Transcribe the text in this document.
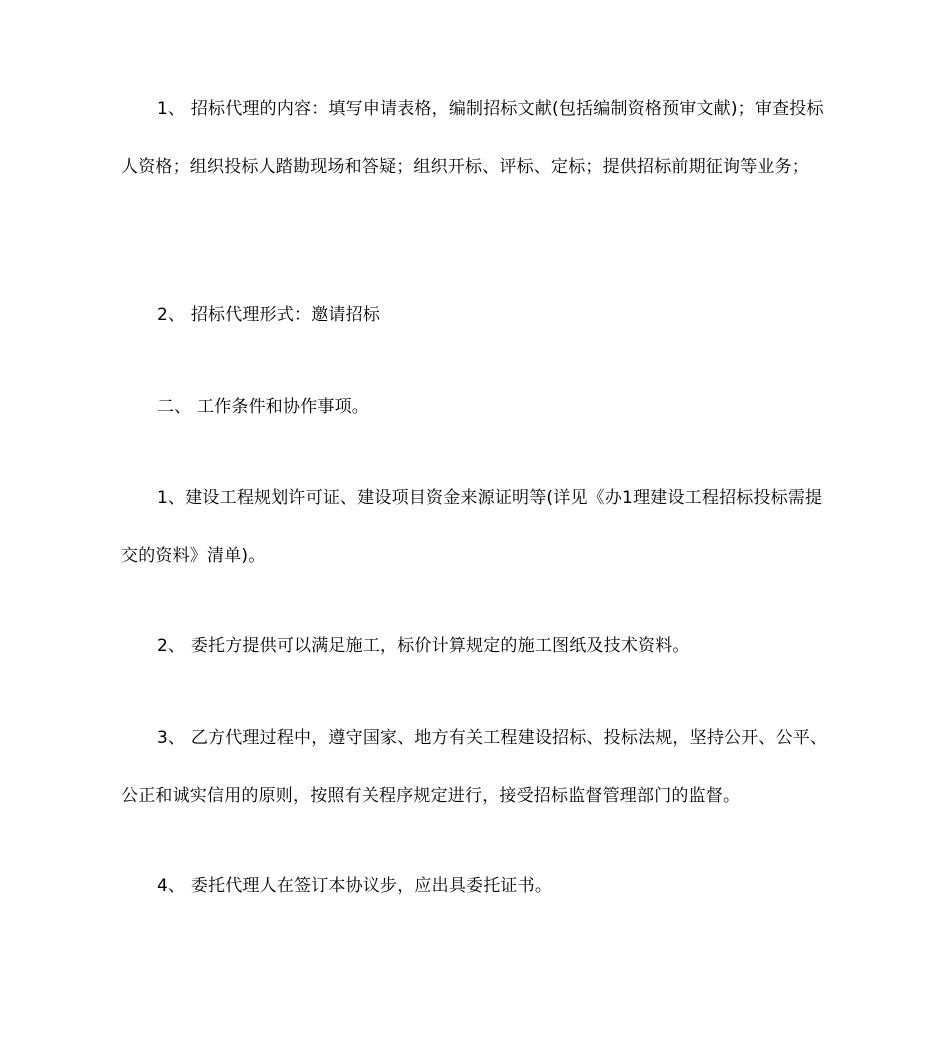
1、 招标代理的内容：填写申请表格，编制招标文献(包括编制资格预审文献)；审查投标人资格；组织投标人踏勘现场和答疑；组织开标、评标、定标；提供招标前期征询等业务；

2、 招标代理形式：邀请招标

二、 工作条件和协作事项。

1、建设工程规划许可证、建设项目资金来源证明等(详见《办1理建设工程招标投标需提交的资料》清单)。

2、 委托方提供可以满足施工，标价计算规定的施工图纸及技术资料。

3、 乙方代理过程中，遵守国家、地方有关工程建设招标、投标法规，坚持公开、公平、公正和诚实信用的原则，按照有关程序规定进行，接受招标监督管理部门的监督。

4、 委托代理人在签订本协议步，应出具委托证书。
